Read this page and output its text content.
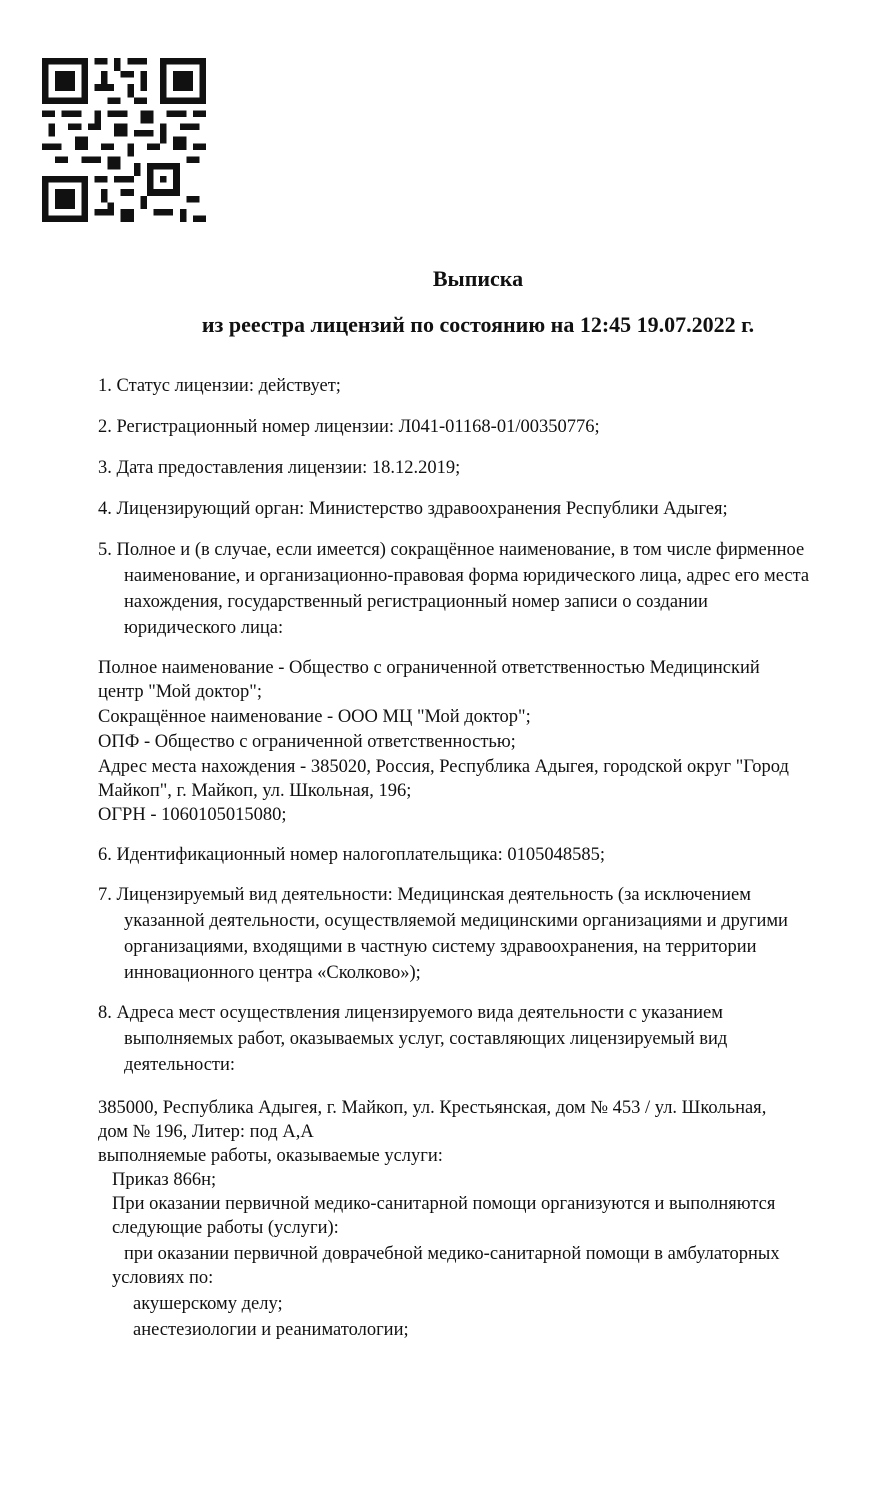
Выписка
из реестра лицензий по состоянию на 12:45 19.07.2022 г.
1. Статус лицензии: действует;
2. Регистрационный номер лицензии: Л041-01168-01/00350776;
3. Дата предоставления лицензии: 18.12.2019;
4. Лицензирующий орган: Министерство здравоохранения Республики Адыгея;
5. Полное и (в случае, если имеется) сокращённое наименование, в том числе фирменное
наименование, и организационно-правовая форма юридического лица, адрес его места
нахождения, государственный регистрационный номер записи о создании
юридического лица:
Полное наименование - Общество с ограниченной ответственностью Медицинский
центр "Мой доктор";
Сокращённое наименование - ООО МЦ "Мой доктор";
ОПФ - Общество с ограниченной ответственностью;
Адрес места нахождения - 385020, Россия, Республика Адыгея, городской округ "Город
Майкоп", г. Майкоп, ул. Школьная, 196;
ОГРН - 1060105015080;
6. Идентификационный номер налогоплательщика: 0105048585;
7. Лицензируемый вид деятельности: Медицинская деятельность (за исключением
указанной деятельности, осуществляемой медицинскими организациями и другими
организациями, входящими в частную систему здравоохранения, на территории
инновационного центра «Сколково»);
8. Адреса мест осуществления лицензируемого вида деятельности с указанием
выполняемых работ, оказываемых услуг, составляющих лицензируемый вид
деятельности:
385000, Республика Адыгея, г. Майкоп, ул. Крестьянская, дом № 453 / ул. Школьная,
дом № 196, Литер: под А,А
выполняемые работы, оказываемые услуги:
Приказ 866н;
При оказании первичной медико-санитарной помощи организуются и выполняются
следующие работы (услуги):
при оказании первичной доврачебной медико-санитарной помощи в амбулаторных
условиях по:
акушерскому делу;
анестезиологии и реаниматологии;
